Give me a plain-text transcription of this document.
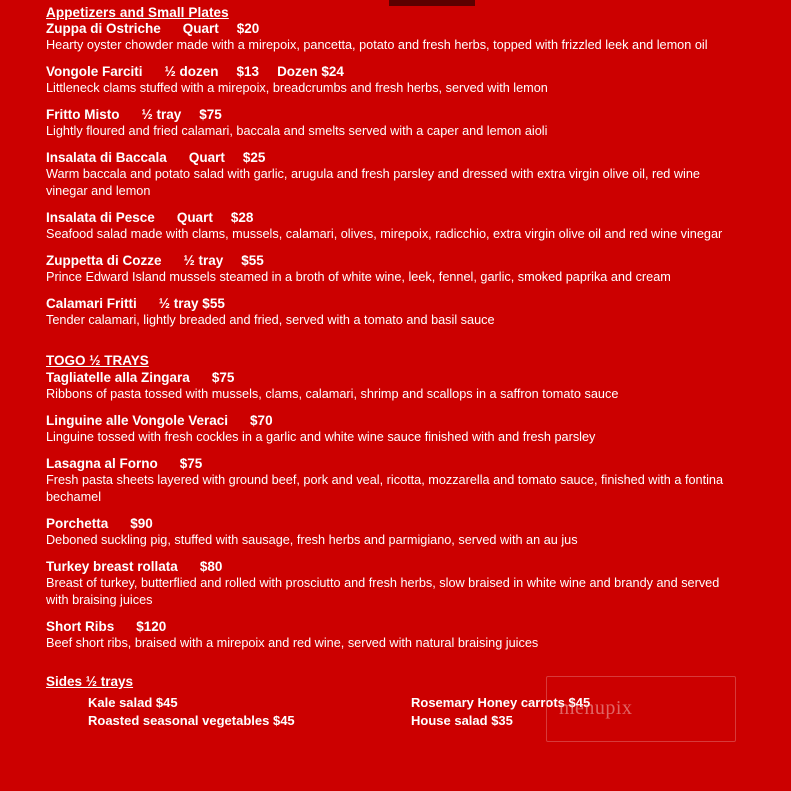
Appetizers and Small Plates
Zuppa di Ostriche Quart $20
Hearty oyster chowder made with a mirepoix, pancetta, potato and fresh herbs, topped with frizzled leek and lemon oil
Vongole Farciti ½ dozen $13 Dozen $24
Littleneck clams stuffed with a mirepoix, breadcrumbs and fresh herbs, served with lemon
Fritto Misto ½ tray $75
Lightly floured and fried calamari, baccala and smelts served with a caper and lemon aioli
Insalata di Baccala Quart $25
Warm baccala and potato salad with garlic, arugula and fresh parsley and dressed with extra virgin olive oil, red wine vinegar and lemon
Insalata di Pesce Quart $28
Seafood salad made with clams, mussels, calamari, olives, mirepoix, radicchio, extra virgin olive oil and red wine vinegar
Zuppetta di Cozze ½ tray $55
Prince Edward Island mussels steamed in a broth of white wine, leek, fennel, garlic, smoked paprika and cream
Calamari Fritti ½ tray $55
Tender calamari, lightly breaded and fried, served with a tomato and basil sauce
TOGO ½ TRAYS
Tagliatelle alla Zingara $75
Ribbons of pasta tossed with mussels, clams, calamari, shrimp and scallops in a saffron tomato sauce
Linguine alle Vongole Veraci $70
Linguine tossed with fresh cockles in a garlic and white wine sauce finished with and fresh parsley
Lasagna al Forno $75
Fresh pasta sheets layered with ground beef, pork and veal, ricotta, mozzarella and tomato sauce, finished with a fontina bechamel
Porchetta $90
Deboned suckling pig, stuffed with sausage, fresh herbs and parmigiano, served with an au jus
Turkey breast rollata $80
Breast of turkey, butterflied and rolled with prosciutto and fresh herbs, slow braised in white wine and brandy and served with braising juices
Short Ribs $120
Beef short ribs, braised with a mirepoix and red wine, served with natural braising juices
Sides ½ trays
Kale salad $45
Roasted seasonal vegetables $45
Rosemary Honey carrots $45
House salad $35
menupix
